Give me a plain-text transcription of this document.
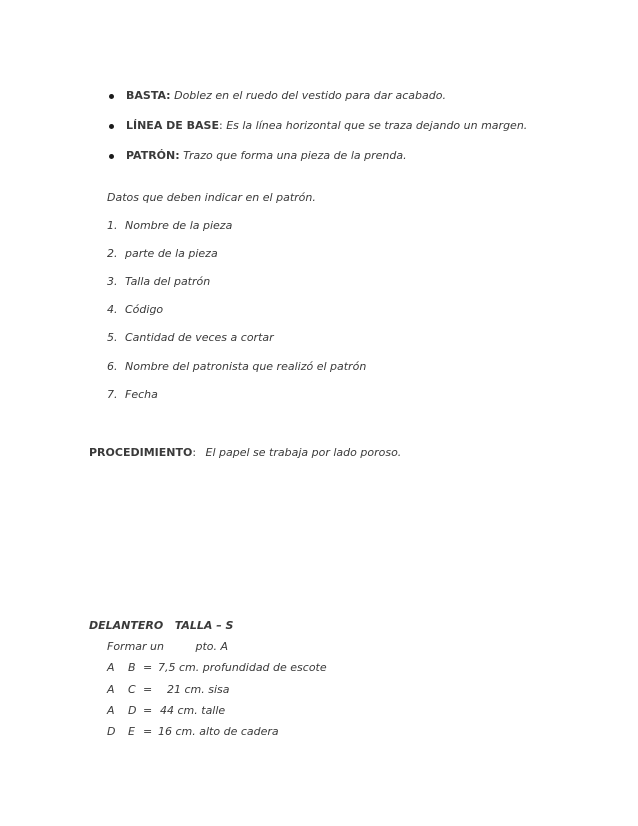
BASTA: Doblez en el ruedo del vestido para dar acabado.
LÍNEA DE BASE: Es la línea horizontal que se traza dejando un margen.
PATRÓN: Trazo que forma una pieza de la prenda.
Datos que deben indicar en el patrón.
1. Nombre de la pieza
2. parte de la pieza
3. Talla del patrón
4. Código
5. Cantidad de veces a cortar
6. Nombre del patronista que realizó el patrón
7. Fecha
PROCEDIMIENTO: El papel se trabaja por lado poroso.
DELANTERO   TALLA – S
Formar un	pto. A
A B = 7,5 cm. profundidad de escote
A C = 21 cm. sisa
A D = 44 cm. talle
D E = 16 cm. alto de cadera
